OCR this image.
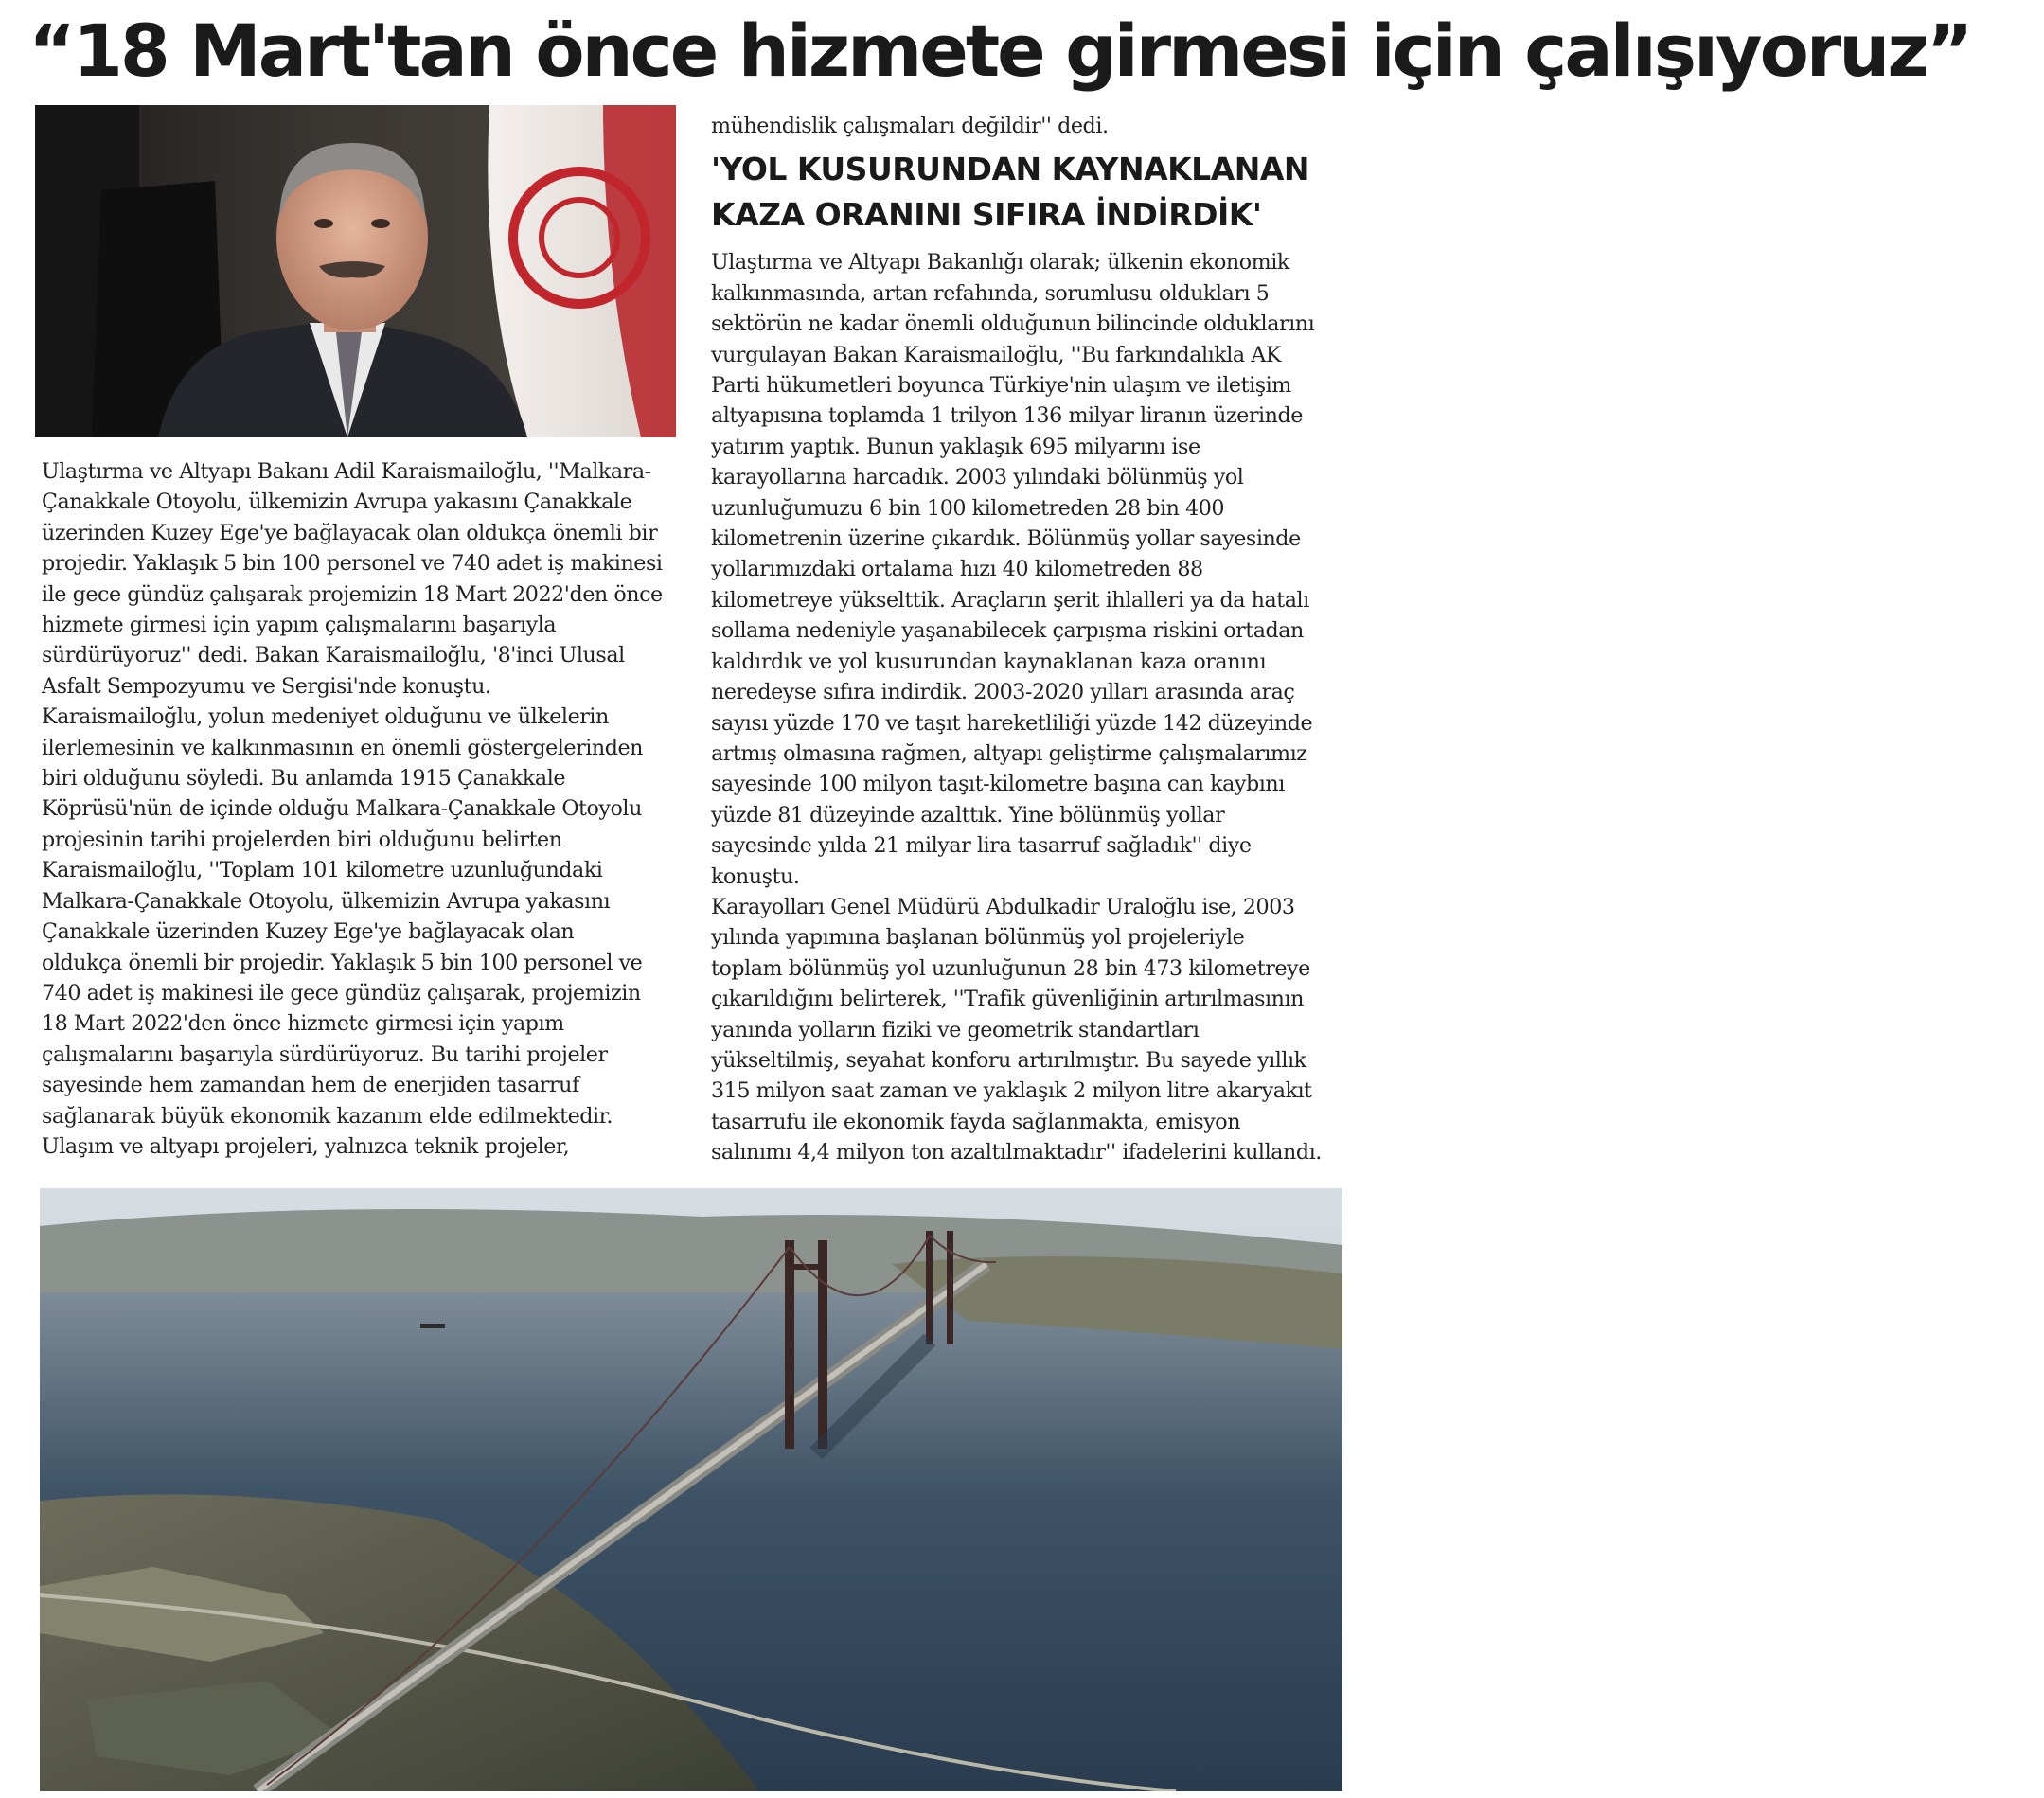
“18 Mart'tan önce hizmete girmesi için çalışıyoruz”
Ulaştırma ve Altyapı Bakanı Adil Karaismailoğlu, ''Malkara-
Çanakkale Otoyolu, ülkemizin Avrupa yakasını Çanakkale
üzerinden Kuzey Ege'ye bağlayacak olan oldukça önemli bir
projedir. Yaklaşık 5 bin 100 personel ve 740 adet iş makinesi
ile gece gündüz çalışarak projemizin 18 Mart 2022'den önce
hizmete girmesi için yapım çalışmalarını başarıyla
sürdürüyoruz'' dedi. Bakan Karaismailoğlu, '8'inci Ulusal
Asfalt Sempozyumu ve Sergisi'nde konuştu.
Karaismailoğlu, yolun medeniyet olduğunu ve ülkelerin
ilerlemesinin ve kalkınmasının en önemli göstergelerinden
biri olduğunu söyledi. Bu anlamda 1915 Çanakkale
Köprüsü'nün de içinde olduğu Malkara-Çanakkale Otoyolu
projesinin tarihi projelerden biri olduğunu belirten
Karaismailoğlu, ''Toplam 101 kilometre uzunluğundaki
Malkara-Çanakkale Otoyolu, ülkemizin Avrupa yakasını
Çanakkale üzerinden Kuzey Ege'ye bağlayacak olan
oldukça önemli bir projedir. Yaklaşık 5 bin 100 personel ve
740 adet iş makinesi ile gece gündüz çalışarak, projemizin
18 Mart 2022'den önce hizmete girmesi için yapım
çalışmalarını başarıyla sürdürüyoruz. Bu tarihi projeler
sayesinde hem zamandan hem de enerjiden tasarruf
sağlanarak büyük ekonomik kazanım elde edilmektedir.
Ulaşım ve altyapı projeleri, yalnızca teknik projeler,

mühendislik çalışmaları değildir'' dedi.

'YOL KUSURUNDAN KAYNAKLANAN
KAZA ORANINI SIFIRA İNDİRDİK'
Ulaştırma ve Altyapı Bakanlığı olarak; ülkenin ekonomik
kalkınmasında, artan refahında, sorumlusu oldukları 5
sektörün ne kadar önemli olduğunun bilincinde olduklarını
vurgulayan Bakan Karaismailoğlu, ''Bu farkındalıkla AK
Parti hükumetleri boyunca Türkiye'nin ulaşım ve iletişim
altyapısına toplamda 1 trilyon 136 milyar liranın üzerinde
yatırım yaptık. Bunun yaklaşık 695 milyarını ise
karayollarına harcadık. 2003 yılındaki bölünmüş yol
uzunluğumuzu 6 bin 100 kilometreden 28 bin 400
kilometrenin üzerine çıkardık. Bölünmüş yollar sayesinde
yollarımızdaki ortalama hızı 40 kilometreden 88
kilometreye yükselttik. Araçların şerit ihlalleri ya da hatalı
sollama nedeniyle yaşanabilecek çarpışma riskini ortadan
kaldırdık ve yol kusurundan kaynaklanan kaza oranını
neredeyse sıfıra indirdik. 2003-2020 yılları arasında araç
sayısı yüzde 170 ve taşıt hareketliliği yüzde 142 düzeyinde
artmış olmasına rağmen, altyapı geliştirme çalışmalarımız
sayesinde 100 milyon taşıt-kilometre başına can kaybını
yüzde 81 düzeyinde azalttık. Yine bölünmüş yollar
sayesinde yılda 21 milyar lira tasarruf sağladık'' diye
konuştu.
Karayolları Genel Müdürü Abdulkadir Uraloğlu ise, 2003
yılında yapımına başlanan bölünmüş yol projeleriyle
toplam bölünmüş yol uzunluğunun 28 bin 473 kilometreye
çıkarıldığını belirterek, ''Trafik güvenliğinin artırılmasının
yanında yolların fiziki ve geometrik standartları
yükseltilmiş, seyahat konforu artırılmıştır. Bu sayede yıllık
315 milyon saat zaman ve yaklaşık 2 milyon litre akaryakıt
tasarrufu ile ekonomik fayda sağlanmakta, emisyon
salınımı 4,4 milyon ton azaltılmaktadır'' ifadelerini kullandı.
